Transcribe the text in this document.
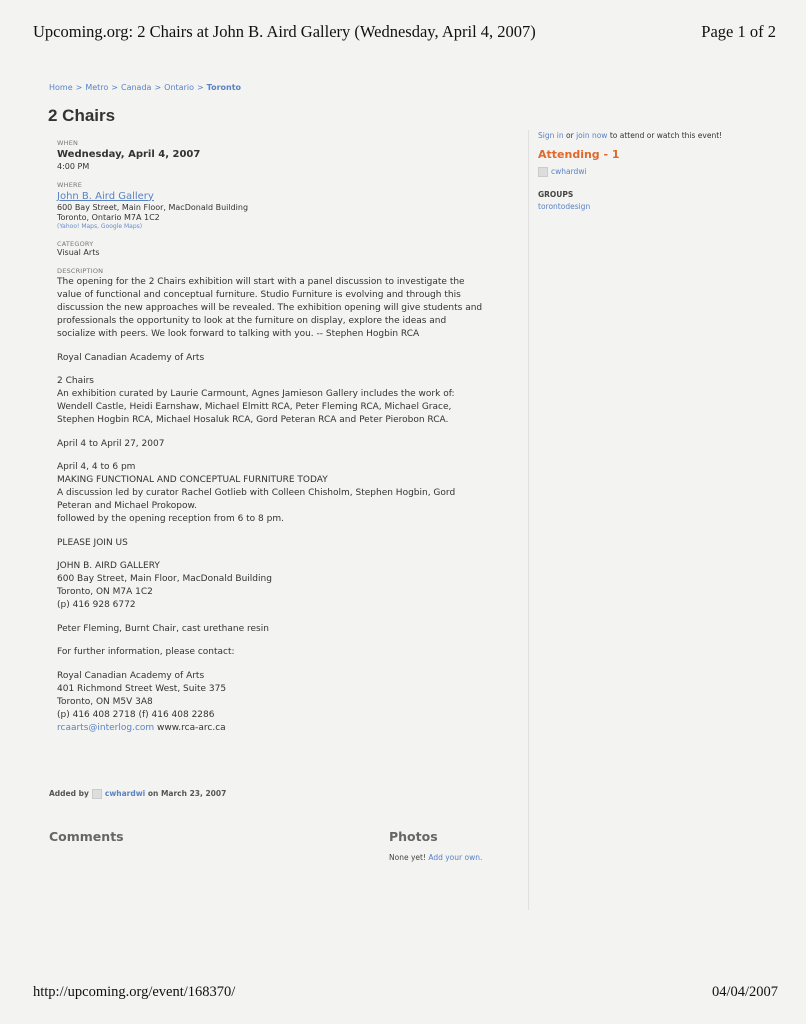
Upcoming.org: 2 Chairs at John B. Aird Gallery (Wednesday, April 4, 2007)	Page 1 of 2
Home > Metro > Canada > Ontario > Toronto
2 Chairs
WHEN
Wednesday, April 4, 2007
4:00 PM
WHERE
John B. Aird Gallery
600 Bay Street, Main Floor, MacDonald Building
Toronto, Ontario M7A 1C2
(Yahoo! Maps, Google Maps)
CATEGORY
Visual Arts
DESCRIPTION

The opening for the 2 Chairs exhibition will start with a panel discussion to investigate the
value of functional and conceptual furniture. Studio Furniture is evolving and through this
discussion the new approaches will be revealed. The exhibition opening will give students and
professionals the opportunity to look at the furniture on display, explore the ideas and
socialize with peers. We look forward to talking with you. -- Stephen Hogbin RCA

Royal Canadian Academy of Arts

2 Chairs
An exhibition curated by Laurie Carmount, Agnes Jamieson Gallery includes the work of:
Wendell Castle, Heidi Earnshaw, Michael Elmitt RCA, Peter Fleming RCA, Michael Grace,
Stephen Hogbin RCA, Michael Hosaluk RCA, Gord Peteran RCA and Peter Pierobon RCA.

April 4 to April 27, 2007

April 4, 4 to 6 pm
MAKING FUNCTIONAL AND CONCEPTUAL FURNITURE TODAY
A discussion led by curator Rachel Gotlieb with Colleen Chisholm, Stephen Hogbin, Gord
Peteran and Michael Prokopow.
followed by the opening reception from 6 to 8 pm.

PLEASE JOIN US

JOHN B. AIRD GALLERY
600 Bay Street, Main Floor, MacDonald Building
Toronto, ON M7A 1C2
(p) 416 928 6772

Peter Fleming, Burnt Chair, cast urethane resin

For further information, please contact:

Royal Canadian Academy of Arts
401 Richmond Street West, Suite 375
Toronto, ON M5V 3A8
(p) 416 408 2718 (f) 416 408 2286

rcaarts@interlog.com www.rca-arc.ca
Added by cwhardwi on March 23, 2007
Comments	Photos
None yet! Add your own.
Sign in or join now to attend or watch this event!
Attending - 1
cwhardwi
GROUPS
torontodesign
http://upcoming.org/event/168370/	04/04/2007
